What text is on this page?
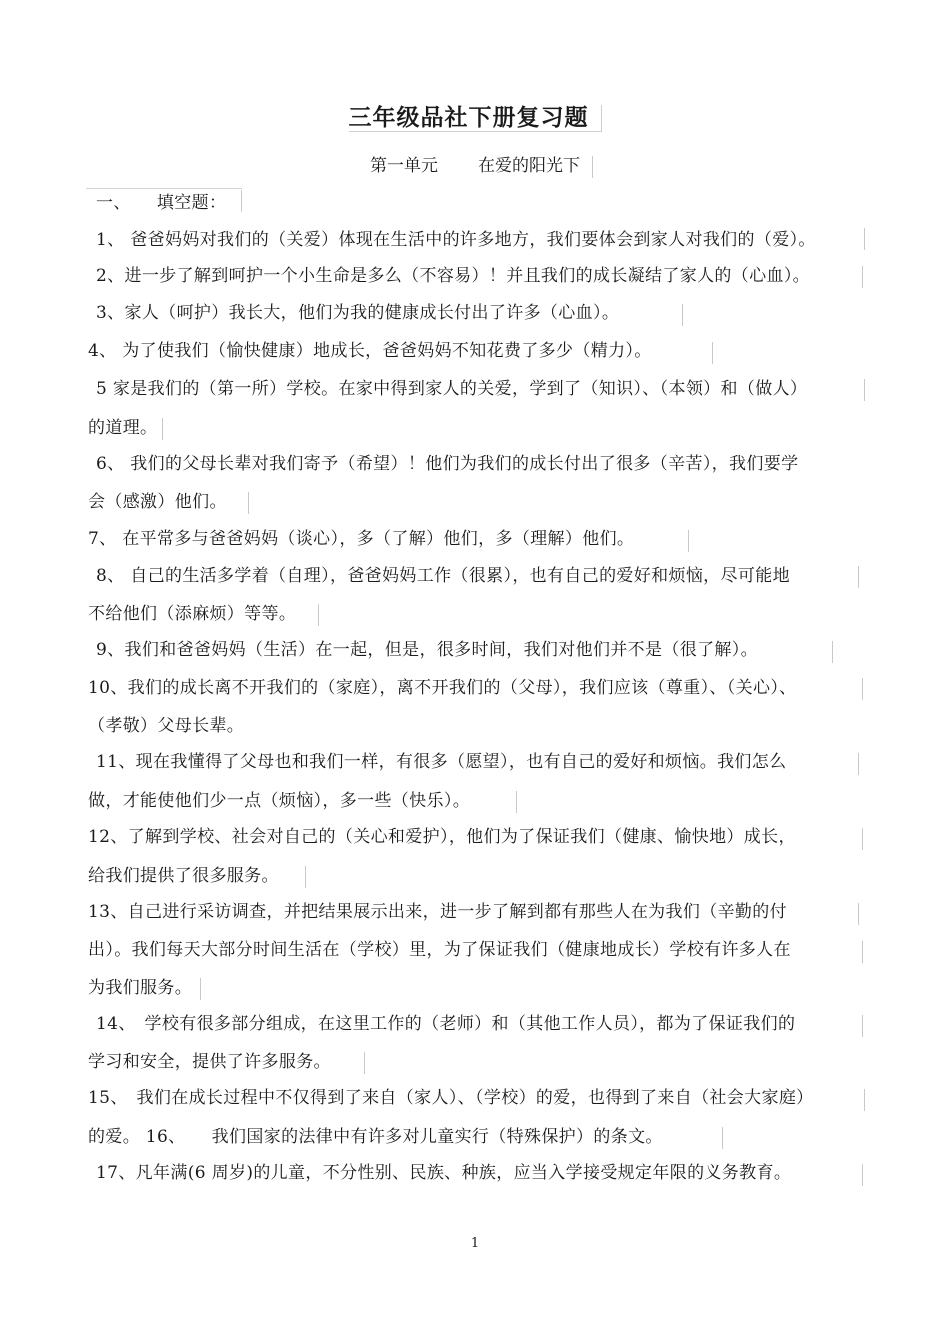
三年级品社下册复习题
第一单元 在爱的阳光下
一、　　填空题：
1、 爸爸妈妈对我们的（关爱）体现在生活中的许多地方，我们要体会到家人对我们的（爱）。
2、进一步了解到呵护一个小生命是多么（不容易）！并且我们的成长凝结了家人的（心血）。
3、家人（呵护）我长大，他们为我的健康成长付出了许多（心血）。
4、 为了使我们（愉快健康）地成长，爸爸妈妈不知花费了多少（精力）。
5 家是我们的（第一所）学校。在家中得到家人的关爱，学到了（知识）、（本领）和（做人）
的道理。
6、 我们的父母长辈对我们寄予（希望）！他们为我们的成长付出了很多（辛苦），我们要学
会（感激）他们。
7、 在平常多与爸爸妈妈（谈心），多（了解）他们，多（理解）他们。
8、 自己的生活多学着（自理），爸爸妈妈工作（很累），也有自己的爱好和烦恼，尽可能地
不给他们（添麻烦）等等。
9、我们和爸爸妈妈（生活）在一起，但是，很多时间，我们对他们并不是（很了解）。
10、我们的成长离不开我们的（家庭），离不开我们的（父母），我们应该（尊重）、（关心）、
（孝敬）父母长辈。
11、现在我懂得了父母也和我们一样，有很多（愿望），也有自己的爱好和烦恼。我们怎么
做，才能使他们少一点（烦恼），多一些（快乐）。
12、了解到学校、社会对自己的（关心和爱护），他们为了保证我们（健康、愉快地）成长，
给我们提供了很多服务。
13、自己进行采访调查，并把结果展示出来，进一步了解到都有那些人在为我们（辛勤的付
出）。我们每天大部分时间生活在（学校）里，为了保证我们（健康地成长）学校有许多人在
为我们服务。
14、　学校有很多部分组成，在这里工作的（老师）和（其他工作人员），都为了保证我们的
学习和安全，提供了许多服务。
15、　我们在成长过程中不仅得到了来自（家人）、（学校）的爱，也得到了来自（社会大家庭）
的爱。 16、　　我们国家的法律中有许多对儿童实行（特殊保护）的条文。
17、凡年满(6 周岁)的儿童，不分性别、民族、种族，应当入学接受规定年限的义务教育。
1
